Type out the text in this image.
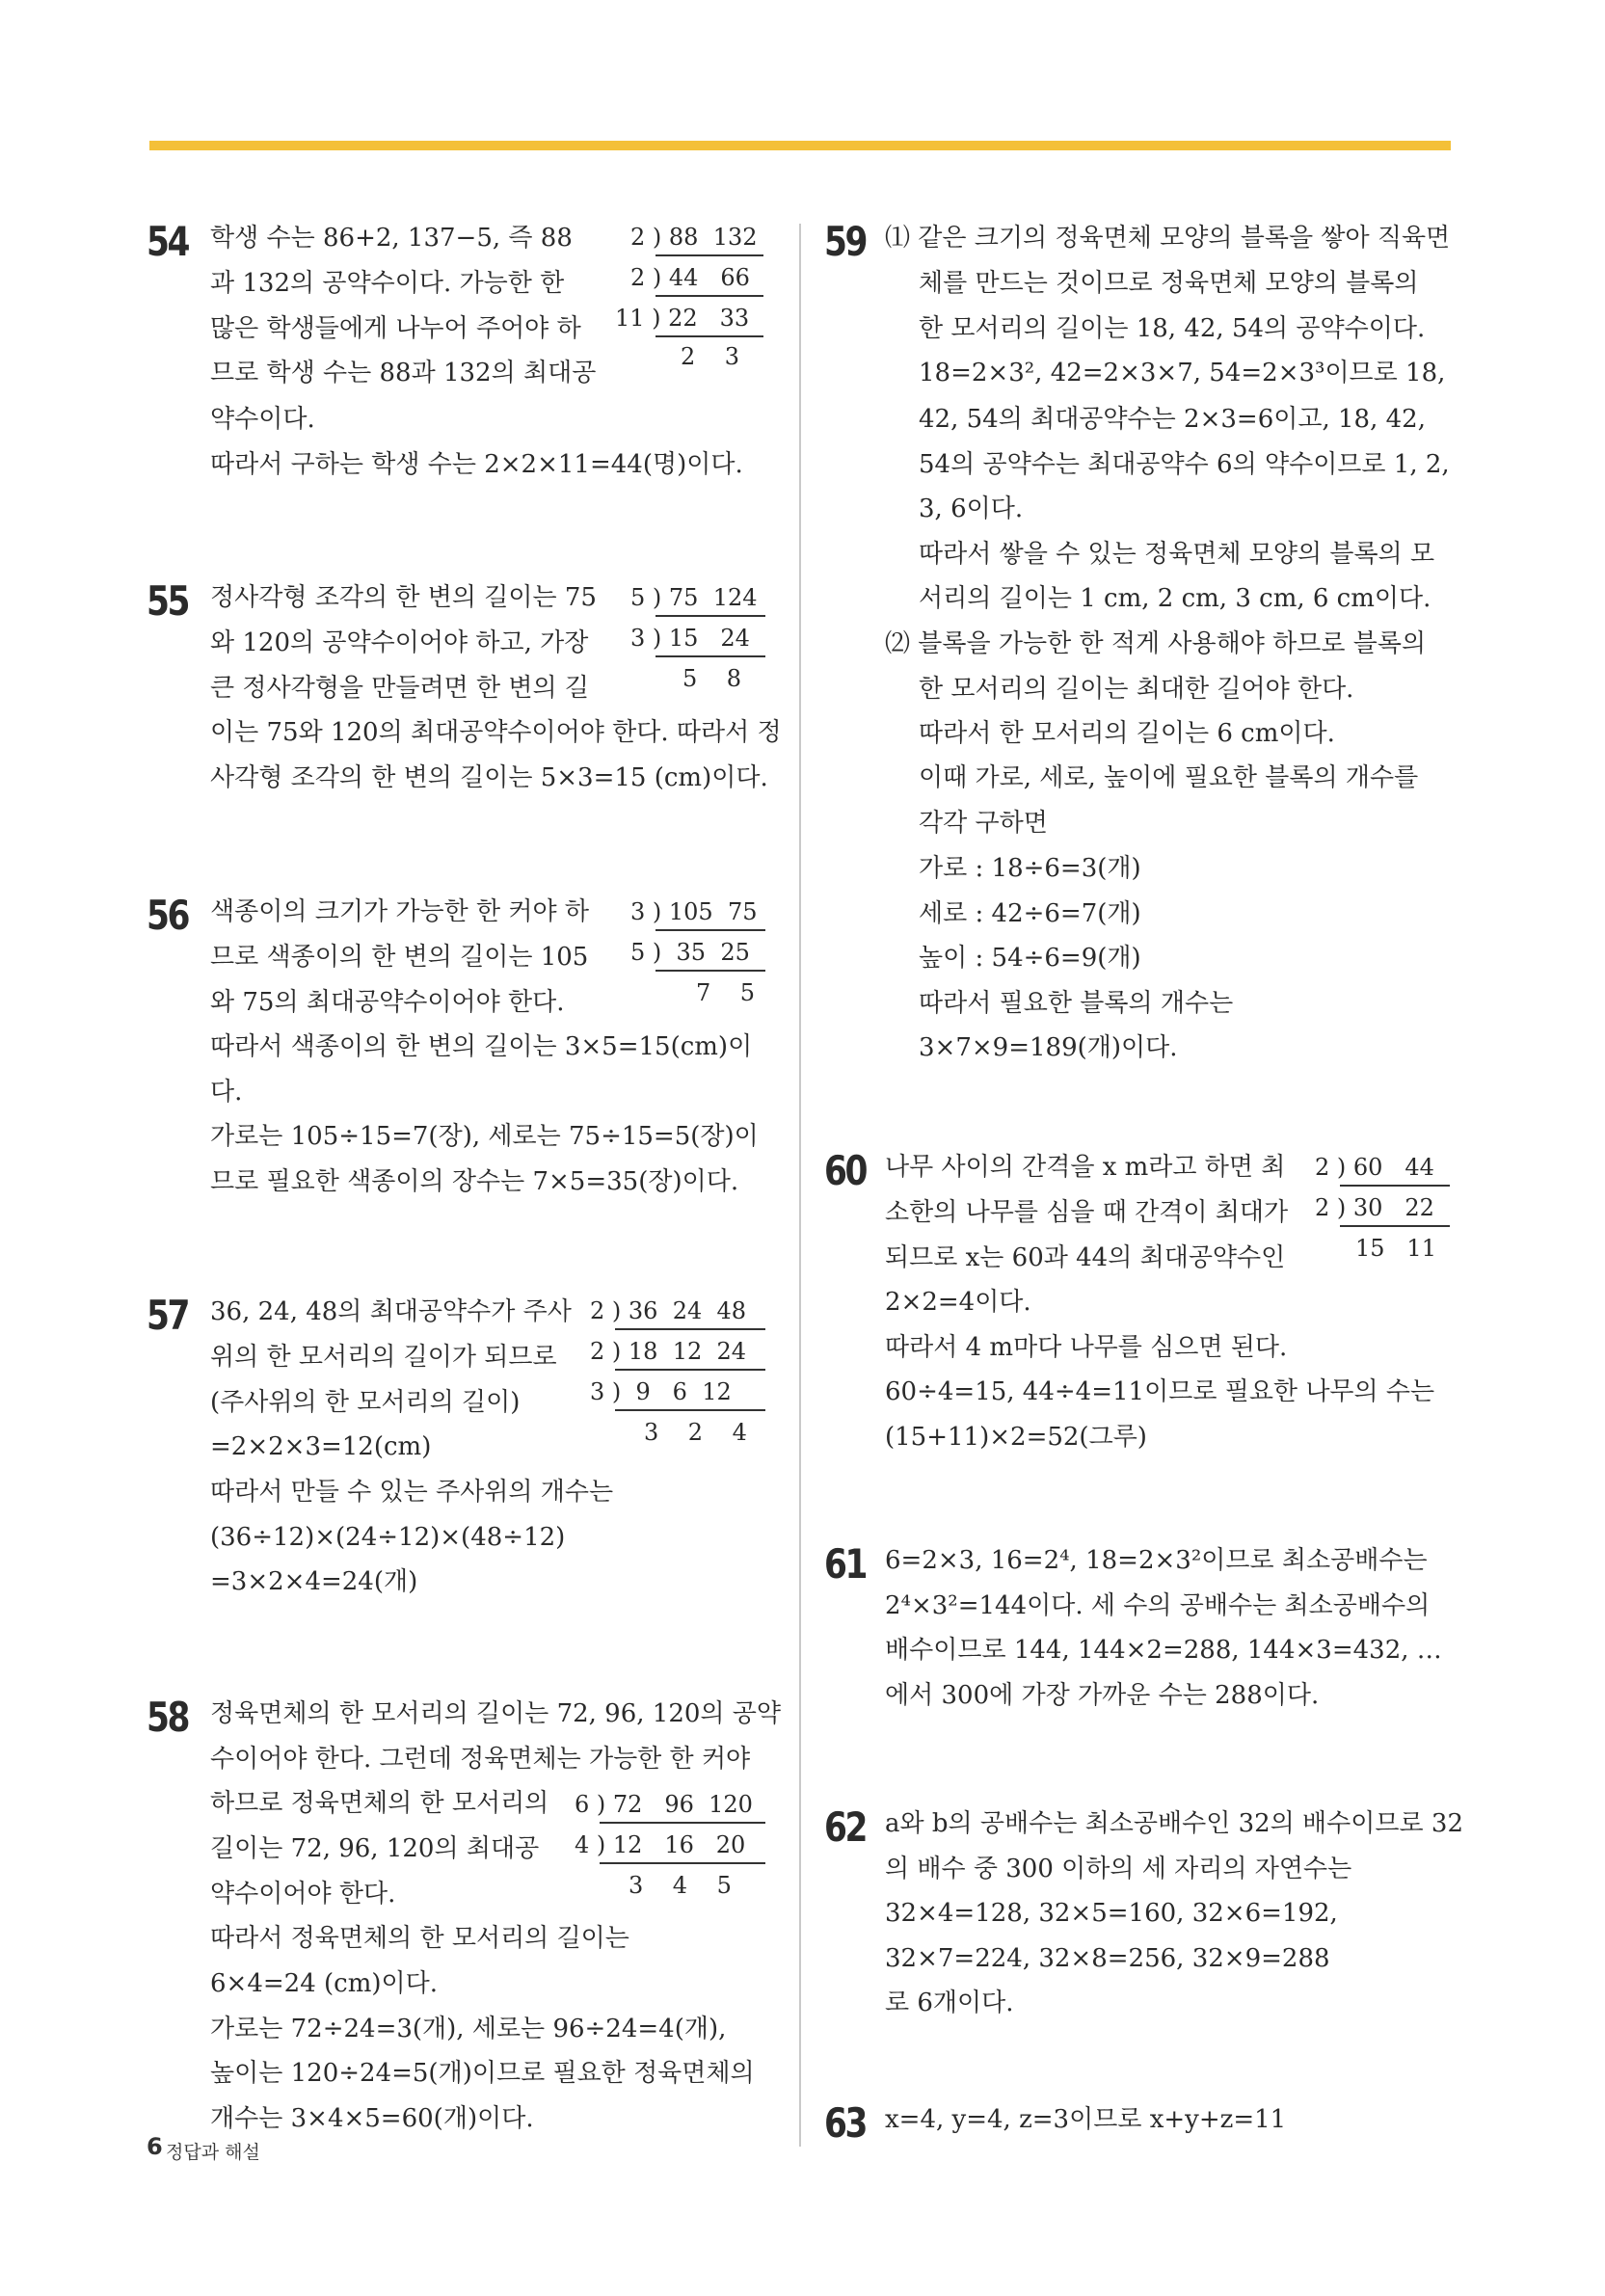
54 학생 수는 86+2, 137−5, 즉 88
과 132의 공약수이다. 가능한 한
많은 학생들에게 나누어 주어야 하
므로 학생 수는 88과 132의 최대공
약수이다.
따라서 구하는 학생 수는 2×2×11=44(명)이다.
2 ) 88  132
2 ) 44   66
11 ) 22   33
2    3
55 정사각형 조각의 한 변의 길이는 75
와 120의 공약수이어야 하고, 가장
큰 정사각형을 만들려면 한 변의 길
이는 75와 120의 최대공약수이어야 한다. 따라서 정
사각형 조각의 한 변의 길이는 5×3=15 (cm)이다.
5 ) 75  124
3 ) 15   24
5    8
56 색종이의 크기가 가능한 한 커야 하
므로 색종이의 한 변의 길이는 105
와 75의 최대공약수이어야 한다.
따라서 색종이의 한 변의 길이는 3×5=15(cm)이
다.
가로는 105÷15=7(장), 세로는 75÷15=5(장)이
므로 필요한 색종이의 장수는 7×5=35(장)이다.
3 ) 105  75
5 )  35  25
7    5
57 36, 24, 48의 최대공약수가 주사
위의 한 모서리의 길이가 되므로
(주사위의 한 모서리의 길이)
=2×2×3=12(cm)
따라서 만들 수 있는 주사위의 개수는
(36÷12)×(24÷12)×(48÷12)
=3×2×4=24(개)
2 ) 36  24  48
2 ) 18  12  24
3 )  9   6  12
3    2    4
58 정육면체의 한 모서리의 길이는 72, 96, 120의 공약
수이어야 한다. 그런데 정육면체는 가능한 한 커야
하므로 정육면체의 한 모서리의
길이는 72, 96, 120의 최대공
약수이어야 한다.
따라서 정육면체의 한 모서리의 길이는
6×4=24 (cm)이다.
가로는 72÷24=3(개), 세로는 96÷24=4(개),
높이는 120÷24=5(개)이므로 필요한 정육면체의
개수는 3×4×5=60(개)이다.
6 ) 72   96  120
4 ) 12   16   20
3    4    5
59 ⑴ 같은 크기의 정육면체 모양의 블록을 쌓아 직육면
체를 만드는 것이므로 정육면체 모양의 블록의
한 모서리의 길이는 18, 42, 54의 공약수이다.
18=2×3², 42=2×3×7, 54=2×3³이므로 18,
42, 54의 최대공약수는 2×3=6이고, 18, 42,
54의 공약수는 최대공약수 6의 약수이므로 1, 2,
3, 6이다.
따라서 쌓을 수 있는 정육면체 모양의 블록의 모
서리의 길이는 1 cm, 2 cm, 3 cm, 6 cm이다.
⑵ 블록을 가능한 한 적게 사용해야 하므로 블록의
한 모서리의 길이는 최대한 길어야 한다.
따라서 한 모서리의 길이는 6 cm이다.
이때 가로, 세로, 높이에 필요한 블록의 개수를
각각 구하면
가로 : 18÷6=3(개)
세로 : 42÷6=7(개)
높이 : 54÷6=9(개)
따라서 필요한 블록의 개수는
3×7×9=189(개)이다.
60 나무 사이의 간격을 x m라고 하면 최
소한의 나무를 심을 때 간격이 최대가
되므로 x는 60과 44의 최대공약수인
2×2=4이다.
따라서 4 m마다 나무를 심으면 된다.
60÷4=15, 44÷4=11이므로 필요한 나무의 수는
(15+11)×2=52(그루)
2 ) 60   44
2 ) 30   22
15   11
61 6=2×3, 16=2⁴, 18=2×3²이므로 최소공배수는
2⁴×3²=144이다. 세 수의 공배수는 최소공배수의
배수이므로 144, 144×2=288, 144×3=432, …
에서 300에 가장 가까운 수는 288이다.
62 a와 b의 공배수는 최소공배수인 32의 배수이므로 32
의 배수 중 300 이하의 세 자리의 자연수는
32×4=128, 32×5=160, 32×6=192,
32×7=224, 32×8=256, 32×9=288
로 6개이다.
63 x=4, y=4, z=3이므로 x+y+z=11
6 정답과 해설
